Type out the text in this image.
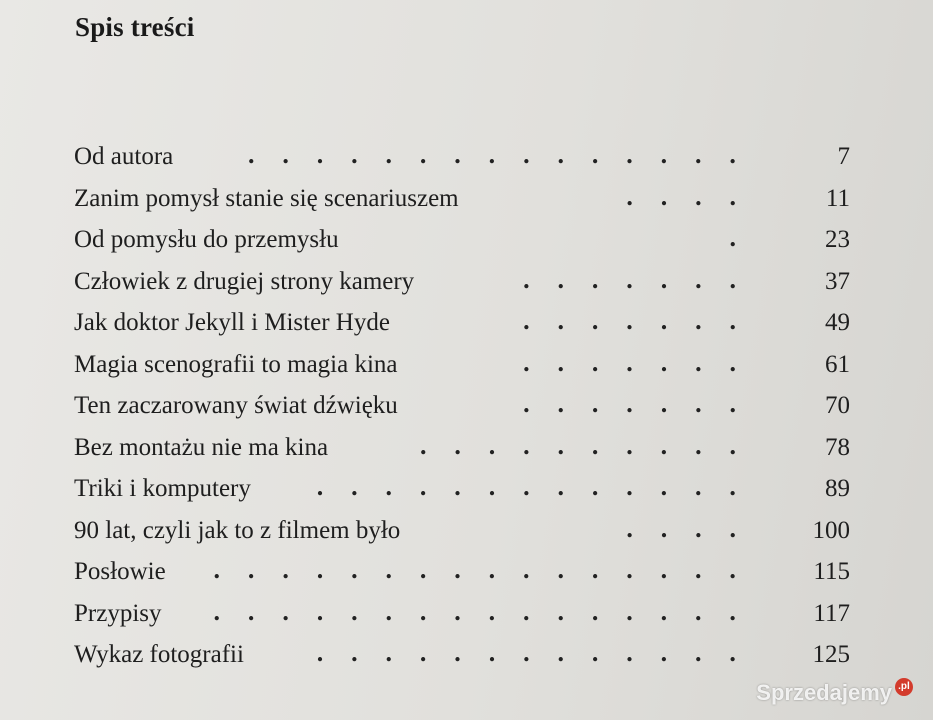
Spis treści
Od autora	. . . . . . . . . . . . . . .	7
Zanim pomysł stanie się scenariuszem	. . . .	11
Od pomysłu do przemysłu	.	23
Człowiek z drugiej strony kamery	. . . . . . .	37
Jak doktor Jekyll i Mister Hyde	. . . . . . .	49
Magia scenografii to magia kina	. . . . . . .	61
Ten zaczarowany świat dźwięku	. . . . . . .	70
Bez montażu nie ma kina	. . . . . . . . . .	78
Triki i komputery	. . . . . . . . . . . . .	89
90 lat, czyli jak to z filmem było	. . . .	100
Posłowie	. . . . . . . . . . . . . . . .	115
Przypisy	. . . . . . . . . . . . . . . .	117
Wykaz fotografii	. . . . . . . . . . . . .	125
Sprzedajemy .pl
